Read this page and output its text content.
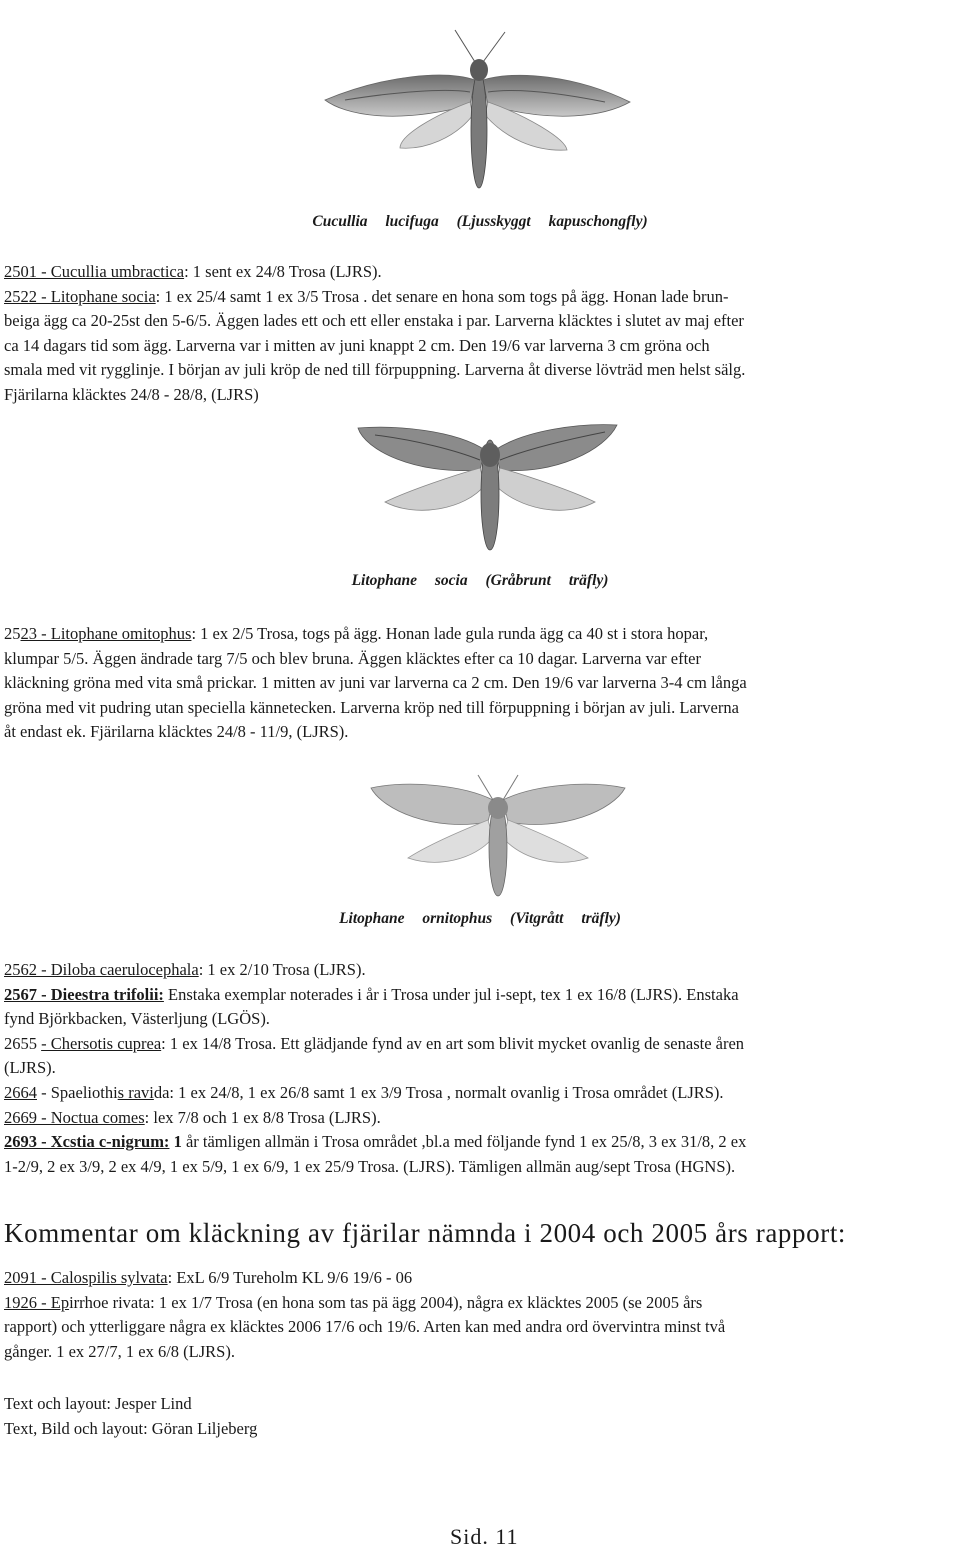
Cucullia lucifuga (Ljusskyggt kapuschongfly)
2501 - Cucullia umbractica: 1 sent ex 24/8 Trosa (LJRS).
2522 - Litophane socia: 1 ex 25/4 samt 1 ex 3/5 Trosa . det senare en hona som togs på ägg. Honan lade brun-
beiga ägg ca 20-25st den 5-6/5. Äggen lades ett och ett eller enstaka i par. Larverna kläcktes i slutet av maj efter
ca 14 dagars tid som ägg. Larverna var i mitten av juni knappt 2 cm. Den 19/6 var larverna 3 cm gröna och
smala med vit rygglinje. I början av juli kröp de ned till förpuppning. Larverna åt diverse lövträd men helst sälg.
Fjärilarna kläcktes 24/8 - 28/8, (LJRS)
Litophane socia (Gråbrunt träfly)
2523 - Litophane omitophus: 1 ex 2/5 Trosa, togs på ägg. Honan lade gula runda ägg ca 40 st i stora hopar,
klumpar 5/5. Äggen ändrade targ 7/5 och blev bruna. Äggen kläcktes efter ca 10 dagar. Larverna var efter
kläckning gröna med vita små prickar. 1 mitten av juni var larverna ca 2 cm. Den 19/6 var larverna 3-4 cm långa
gröna med vit pudring utan speciella kännetecken. Larverna kröp ned till förpuppning i början av juli. Larverna
åt endast ek. Fjärilarna kläcktes 24/8 - 11/9, (LJRS).
Litophane ornitophus (Vitgrått träfly)
2562 - Diloba caerulocephala: 1 ex 2/10 Trosa (LJRS).
2567 - Dieestra trifolii: Enstaka exemplar noterades i år i Trosa under jul i-sept, tex 1 ex 16/8 (LJRS). Enstaka
fynd Björkbacken, Västerljung (LGÖS).
2655 - Chersotis cuprea: 1 ex 14/8 Trosa. Ett glädjande fynd av en art som blivit mycket ovanlig de senaste åren
(LJRS).
2664 - Spaeliothis ravida: 1 ex 24/8, 1 ex 26/8 samt 1 ex 3/9 Trosa , normalt ovanlig i Trosa området (LJRS).
2669 - Noctua comes: lex 7/8 och 1 ex 8/8 Trosa (LJRS).
2693 - Xcstia c-nigrum: 1 år tämligen allmän i Trosa området ,bl.a med följande fynd 1 ex 25/8, 3 ex 31/8, 2 ex
1-2/9, 2 ex 3/9, 2 ex 4/9, 1 ex 5/9, 1 ex 6/9, 1 ex 25/9 Trosa. (LJRS). Tämligen allmän aug/sept Trosa (HGNS).
Kommentar om kläckning av fjärilar nämnda i 2004 och 2005 års rapport:
2091 - Calospilis sylvata: ExL 6/9 Tureholm KL 9/6 19/6 - 06
1926 - Epirrhoe rivata: 1 ex 1/7 Trosa (en hona som tas pä ägg 2004), några ex kläcktes 2005 (se 2005 års
rapport) och ytterliggare några ex kläcktes 2006 17/6 och 19/6. Arten kan med andra ord övervintra minst två
gånger. 1 ex 27/7, 1 ex 6/8 (LJRS).
Text och layout: Jesper Lind
Text, Bild och layout: Göran Liljeberg
Sid. 11
